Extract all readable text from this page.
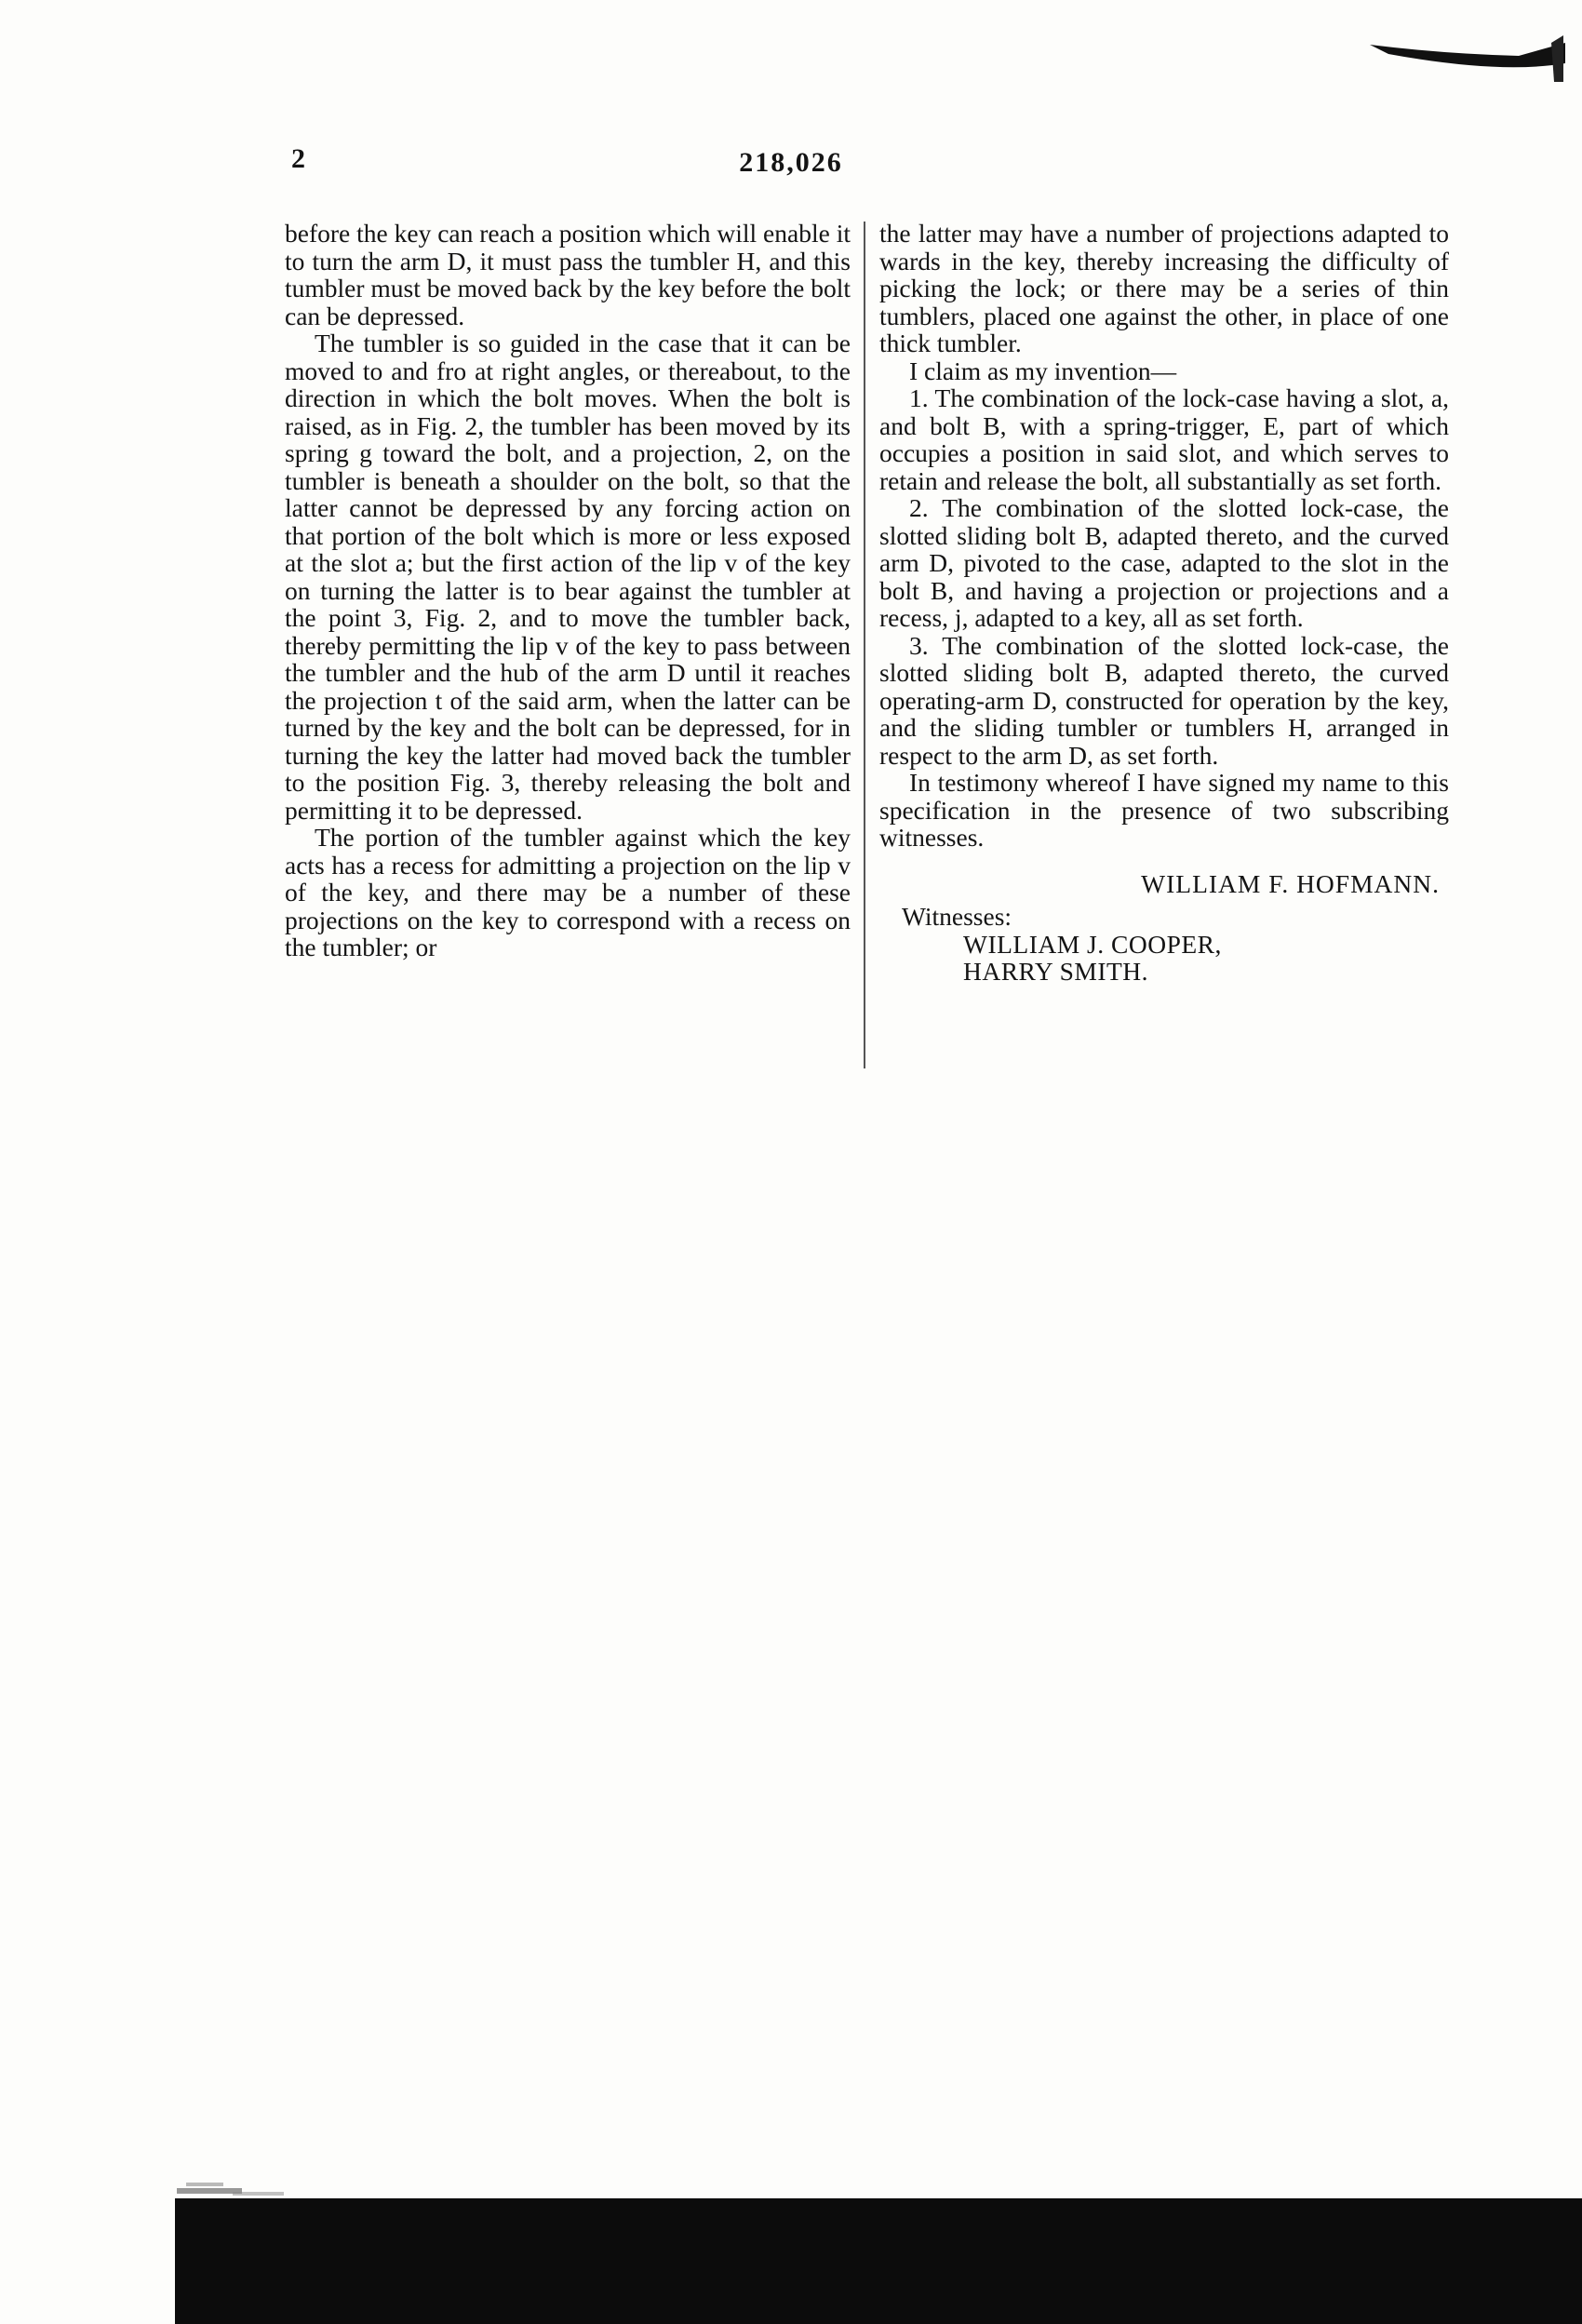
2	218,026

before the key can reach a position which will enable it to turn the arm D, it must pass the tumbler H, and this tumbler must be moved back by the key before the bolt can be depressed.

The tumbler is so guided in the case that it can be moved to and fro at right angles, or thereabout, to the direction in which the bolt moves. When the bolt is raised, as in Fig. 2, the tumbler has been moved by its spring g toward the bolt, and a projection, 2, on the tumbler is beneath a shoulder on the bolt, so that the latter cannot be depressed by any forcing action on that portion of the bolt which is more or less exposed at the slot a; but the first action of the lip v of the key on turning the latter is to bear against the tumbler at the point 3, Fig. 2, and to move the tumbler back, thereby permitting the lip v of the key to pass between the tumbler and the hub of the arm D until it reaches the projection t of the said arm, when the latter can be turned by the key and the bolt can be depressed, for in turning the key the latter had moved back the tumbler to the position Fig. 3, thereby releasing the bolt and permitting it to be depressed.

The portion of the tumbler against which the key acts has a recess for admitting a projection on the lip v of the key, and there may be a number of these projections on the key to correspond with a recess on the tumbler; or

the latter may have a number of projections adapted to wards in the key, thereby increasing the difficulty of picking the lock; or there may be a series of thin tumblers, placed one against the other, in place of one thick tumbler.

I claim as my invention—

1. The combination of the lock-case having a slot, a, and bolt B, with a spring-trigger, E, part of which occupies a position in said slot, and which serves to retain and release the bolt, all substantially as set forth.

2. The combination of the slotted lock-case, the slotted sliding bolt B, adapted thereto, and the curved arm D, pivoted to the case, adapted to the slot in the bolt B, and having a projection or projections and a recess, j, adapted to a key, all as set forth.

3. The combination of the slotted lock-case, the slotted sliding bolt B, adapted thereto, the curved operating-arm D, constructed for operation by the key, and the sliding tumbler or tumblers H, arranged in respect to the arm D, as set forth.

In testimony whereof I have signed my name to this specification in the presence of two subscribing witnesses.

WILLIAM F. HOFMANN.

Witnesses:

WILLIAM J. COOPER,

HARRY SMITH.
